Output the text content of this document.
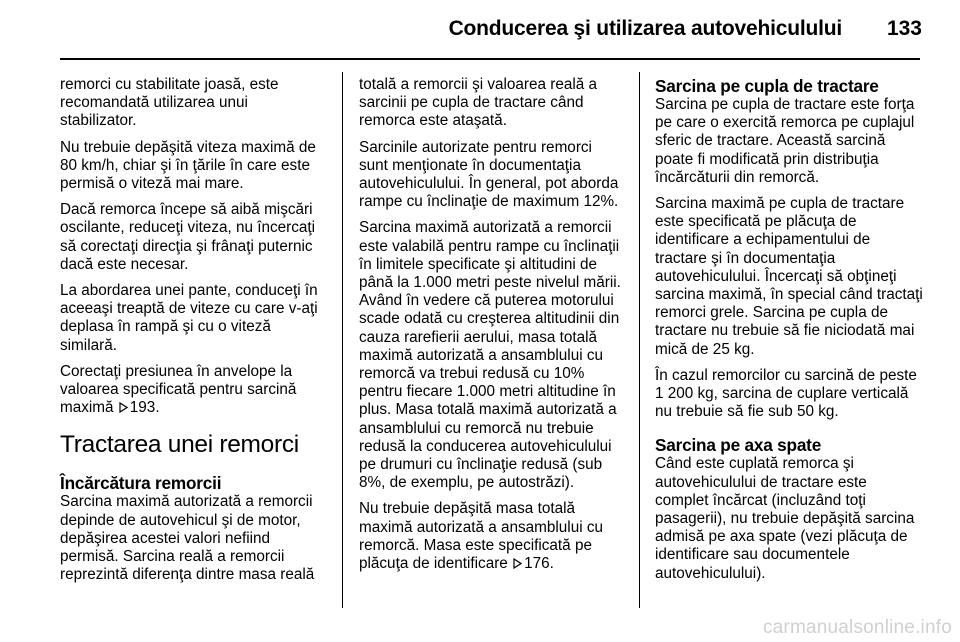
Conducerea şi utilizarea autovehiculului 133

remorci cu stabilitate joasă, este recomandată utilizarea unui stabilizator.

Nu trebuie depăşită viteza maximă de 80 km/h, chiar şi în ţările în care este permisă o viteză mai mare.

Dacă remorca începe să aibă mişcări oscilante, reduceţi viteza, nu încercaţi să corectaţi direcţia şi frânaţi puternic dacă este necesar.

La abordarea unei pante, conduceţi în aceeaşi treaptă de viteze cu care v-aţi deplasa în rampă şi cu o viteză similară.

Corectaţi presiunea în anvelope la valoarea specificată pentru sarcină maximă 193.

Tractarea unei remorci
Încărcătura remorcii

Sarcina maximă autorizată a remorcii depinde de autovehicul şi de motor, depăşirea acestei valori nefiind permisă. Sarcina reală a remorcii reprezintă diferenţa dintre masa reală

totală a remorcii şi valoarea reală a sarcinii pe cupla de tractare când remorca este ataşată.

Sarcinile autorizate pentru remorci sunt menţionate în documentaţia autovehiculului. În general, pot aborda rampe cu înclinaţie de maximum 12%.

Sarcina maximă autorizată a remorcii este valabilă pentru rampe cu înclinaţii în limitele specificate şi altitudini de până la 1.000 metri peste nivelul mării. Având în vedere că puterea motorului scade odată cu creşterea altitudinii din cauza rarefierii aerului, masa totală maximă autorizată a ansamblului cu remorcă va trebui redusă cu 10% pentru fiecare 1.000 metri altitudine în plus. Masa totală maximă autorizată a ansamblului cu remorcă nu trebuie redusă la conducerea autovehiculului pe drumuri cu înclinaţie redusă (sub 8%, de exemplu, pe autostrăzi).

Nu trebuie depăşită masa totală maximă autorizată a ansamblului cu remorcă. Masa este specificată pe plăcuţa de identificare 176.

Sarcina pe cupla de tractare

Sarcina pe cupla de tractare este forţa pe care o exercită remorca pe cuplajul sferic de tractare. Această sarcină poate fi modificată prin distribuţia încărcăturii din remorcă.

Sarcina maximă pe cupla de tractare este specificată pe plăcuţa de identificare a echipamentului de tractare şi în documentaţia autovehiculului. Încercaţi să obţineţi sarcina maximă, în special când tractaţi remorci grele. Sarcina pe cupla de tractare nu trebuie să fie niciodată mai mică de 25 kg.

În cazul remorcilor cu sarcină de peste 1 200 kg, sarcina de cuplare verticală nu trebuie să fie sub 50 kg.

Sarcina pe axa spate

Când este cuplată remorca şi autovehiculului de tractare este complet încărcat (incluzând toţi pasagerii), nu trebuie depăşită sarcina admisă pe axa spate (vezi plăcuţa de identificare sau documentele autovehiculului).

carmanualsonline.info
